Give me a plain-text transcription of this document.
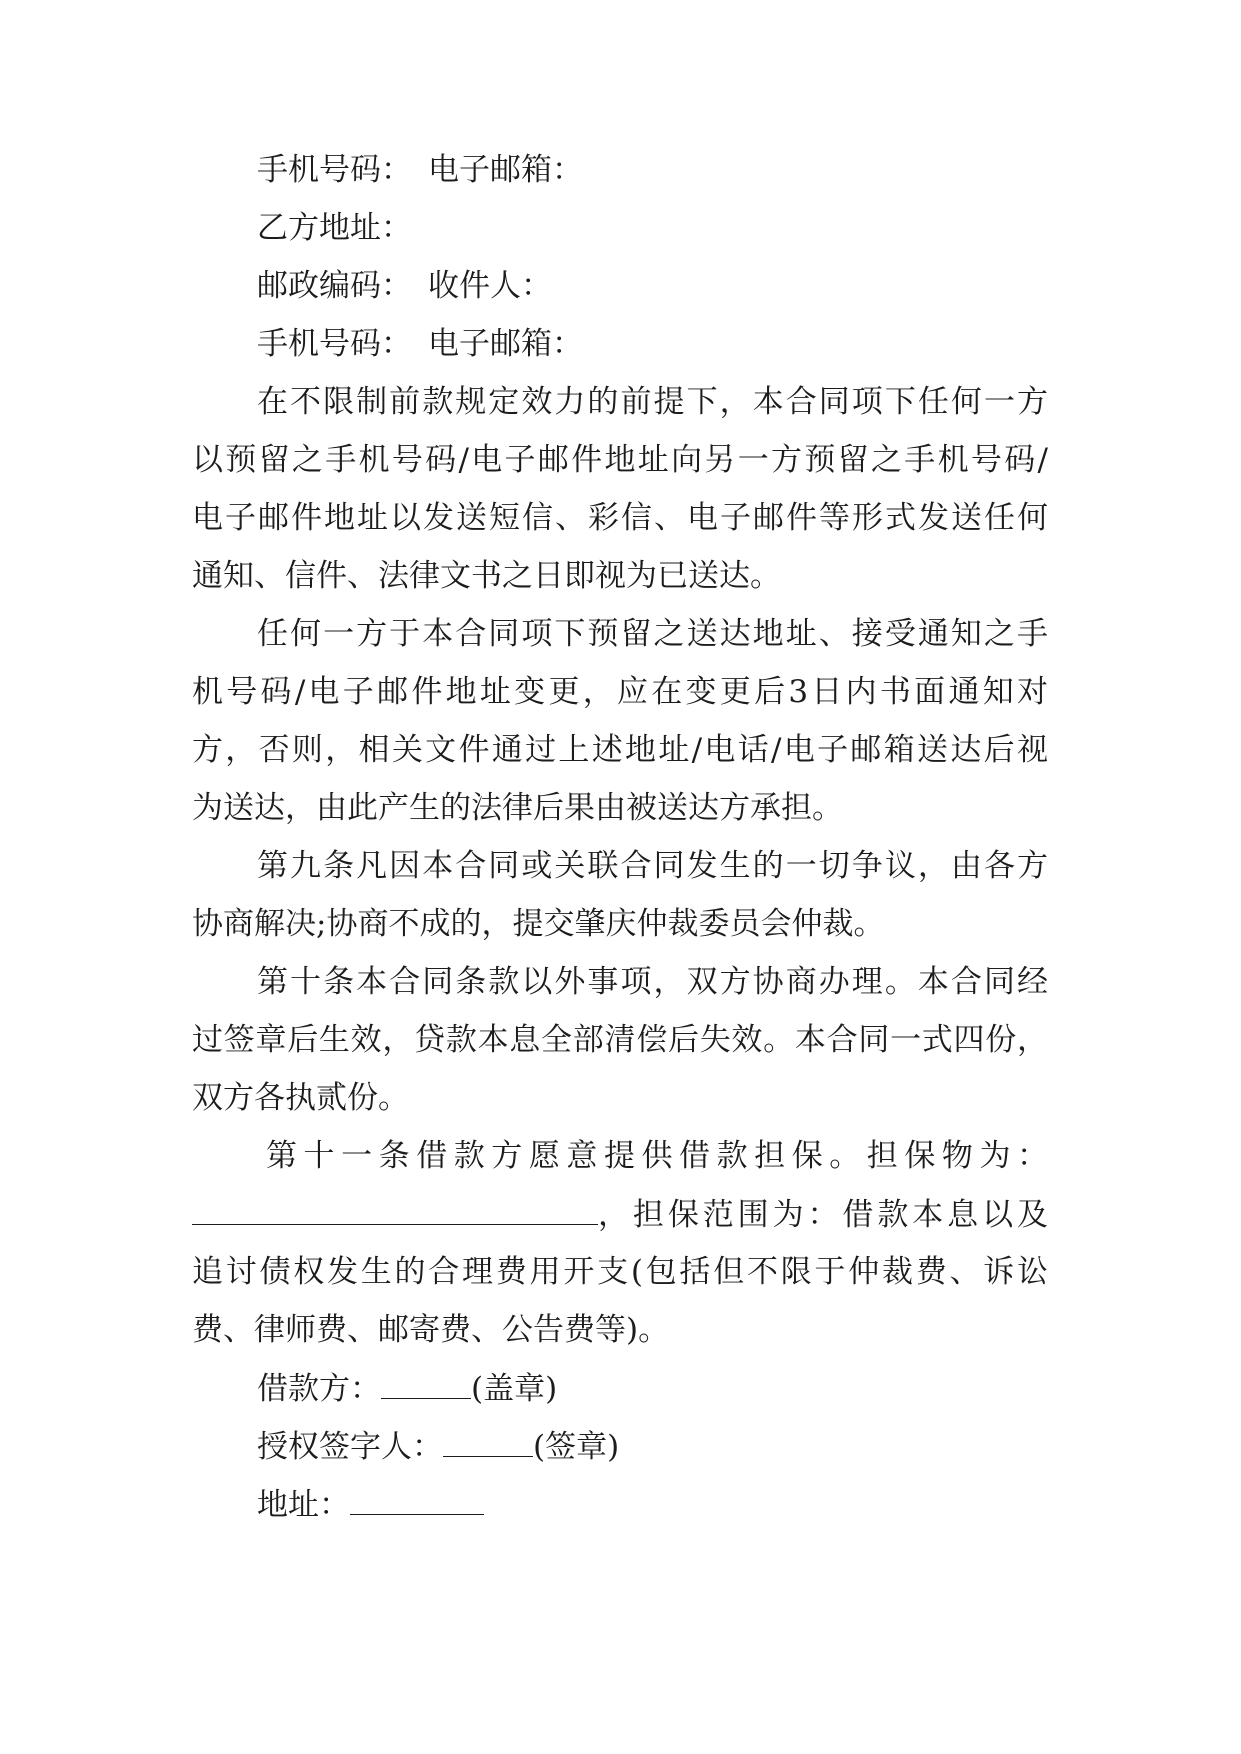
手机号码： 电子邮箱：
乙方地址：
邮政编码： 收件人：
手机号码： 电子邮箱：
在不限制前款规定效力的前提下，本合同项下任何一方
以预留之手机号码/电子邮件地址向另一方预留之手机号码/
电子邮件地址以发送短信、彩信、电子邮件等形式发送任何
通知、信件、法律文书之日即视为已送达。
任何一方于本合同项下预留之送达地址、接受通知之手
机号码/电子邮件地址变更，应在变更后3日内书面通知对
方，否则，相关文件通过上述地址/电话/电子邮箱送达后视
为送达，由此产生的法律后果由被送达方承担。
第九条凡因本合同或关联合同发生的一切争议，由各方
协商解决;协商不成的，提交肇庆仲裁委员会仲裁。
第十条本合同条款以外事项，双方协商办理。本合同经
过签章后生效，贷款本息全部清偿后失效。本合同一式四份，
双方各执贰份。
第十一条借款方愿意提供借款担保。担保物为：
，担保范围为：借款本息以及
追讨债权发生的合理费用开支(包括但不限于仲裁费、诉讼
费、律师费、邮寄费、公告费等)。
借款方：	(盖章)
授权签字人：	(签章)
地址：
